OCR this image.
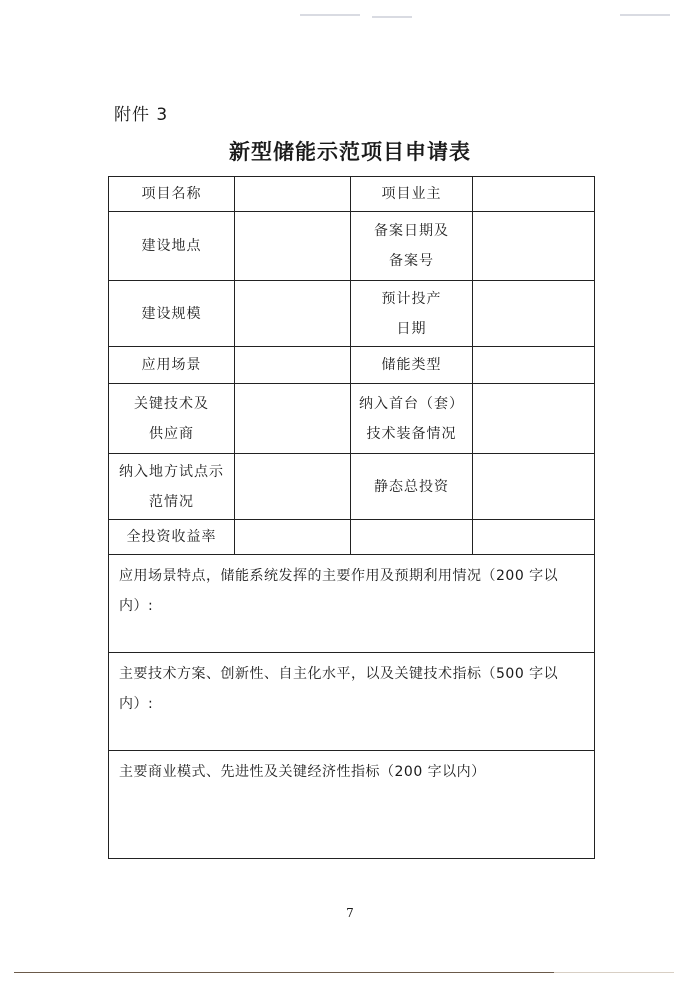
附件 3
新型储能示范项目申请表
项目名称		项目业主	

建设地点		备案日期及
备案号	

建设规模		预计投产
日期	

应用场景		储能类型	

关键技术及
供应商		纳入首台（套）
技术装备情况	

纳入地方试点示
范情况		静态总投资	

全投资收益率			

应用场景特点，储能系统发挥的主要作用及预期利用情况（200 字以
内）:			

主要技术方案、创新性、自主化水平，以及关键技术指标（500 字以
内）:			

主要商业模式、先进性及关键经济性指标（200 字以内）			
7
